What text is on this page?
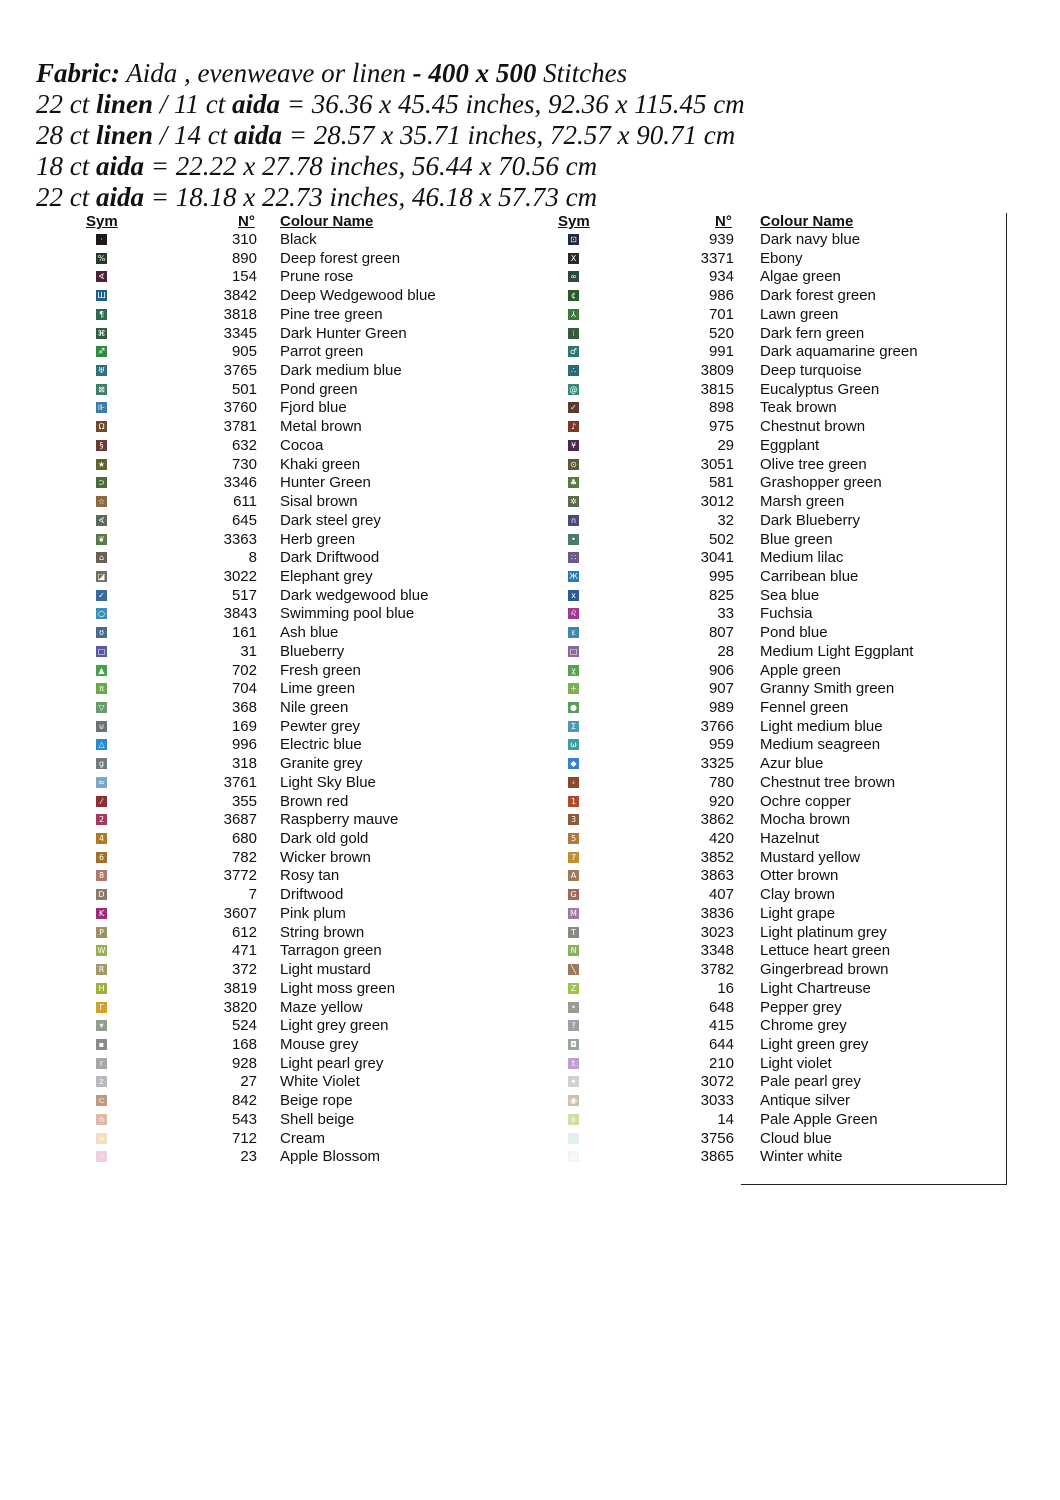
Fabric: Aida , evenweave or linen - 400 x 500 Stitches
22 ct linen / 11 ct aida = 36.36 x 45.45 inches, 92.36 x 115.45 cm
28 ct linen / 14 ct aida = 28.57 x 35.71 inches, 72.57 x 90.71 cm
18 ct aida = 22.22 x 27.78 inches, 56.44 x 70.56 cm
22 ct aida = 18.18 x 22.73 inches, 46.18 x 57.73 cm
Sym	N° Colour Name	Sym	N° Colour Name
·	310 Black
%	890 Deep forest green
∢	154 Prune rose
Ш	3842 Deep Wedgewood blue
¶	3818 Pine tree green
⌘	3345 Dark Hunter Green
♐	905 Parrot green
♅	3765 Dark medium blue
⊠	501 Pond green
⊪	3760 Fjord blue
Ω	3781 Metal brown
§	632 Cocoa
★	730 Khaki green
⊃	3346 Hunter Green
☆	611 Sisal brown
∢	645 Dark steel grey
❦	3363 Herb green
⌂	8 Dark Driftwood
◪	3022 Elephant grey
✓	517 Dark wedgewood blue
○	3843 Swimming pool blue
ʊ	161 Ash blue
□	31 Blueberry
▲	702 Fresh green
π	704 Lime green
▽	368 Nile green
⊍	169 Pewter grey
△	996 Electric blue
g	318 Granite grey
≈	3761 Light Sky Blue
⁄	355 Brown red
2	3687 Raspberry mauve
4	680 Dark old gold
6	782 Wicker brown
8	3772 Rosy tan
D	7 Driftwood
K	3607 Pink plum
P	612 String brown
W	471 Tarragon green
R	372 Light mustard
H	3819 Light moss green
Γ	3820 Maze yellow
▾	524 Light grey green
▪	168 Mouse grey
r	928 Light pearl grey
z	27 White Violet
⊂	842 Beige rope
∩	543 Shell beige
=	712 Cream
··	23 Apple Blossom
⊡	939 Dark navy blue
X	3371 Ebony
∞	934 Algae green
¢	986 Dark forest green
⅄	701 Lawn green
⁝	520 Dark fern green
♂	991 Dark aquamarine green
∴	3809 Deep turquoise
@	3815 Eucalyptus Green
✓	898 Teak brown
♪	975 Chestnut brown
¥	29 Eggplant
⊙	3051 Olive tree green
♣	581 Grashopper green
✲	3012 Marsh green
∩	32 Dark Blueberry
•	502 Blue green
∷	3041 Medium lilac
Ж	995 Carribean blue
x	825 Sea blue
♌	33 Fuchsia
ε	807 Pond blue
□	28 Medium Light Eggplant
χ	906 Apple green
+	907 Granny Smith green
●	989 Fennel green
Σ	3766 Light medium blue
ω	959 Medium seagreen
◆	3325 Azur blue
‹	780 Chestnut tree brown
1	920 Ochre copper
3	3862 Mocha brown
5	420 Hazelnut
7	3852 Mustard yellow
A	3863 Otter brown
G	407 Clay brown
M	3836 Light grape
T	3023 Light platinum grey
N	3348 Lettuce heart green
╲	3782 Gingerbread brown
Z	16 Light Chartreuse
•	648 Pepper grey
?	415 Chrome grey
◘	644 Light green grey
t	210 Light violet
✦	3072 Pale pearl grey
◉	3033 Antique silver
ıı	14 Pale Apple Green
·.	3756 Cloud blue
◎	3865 Winter white
